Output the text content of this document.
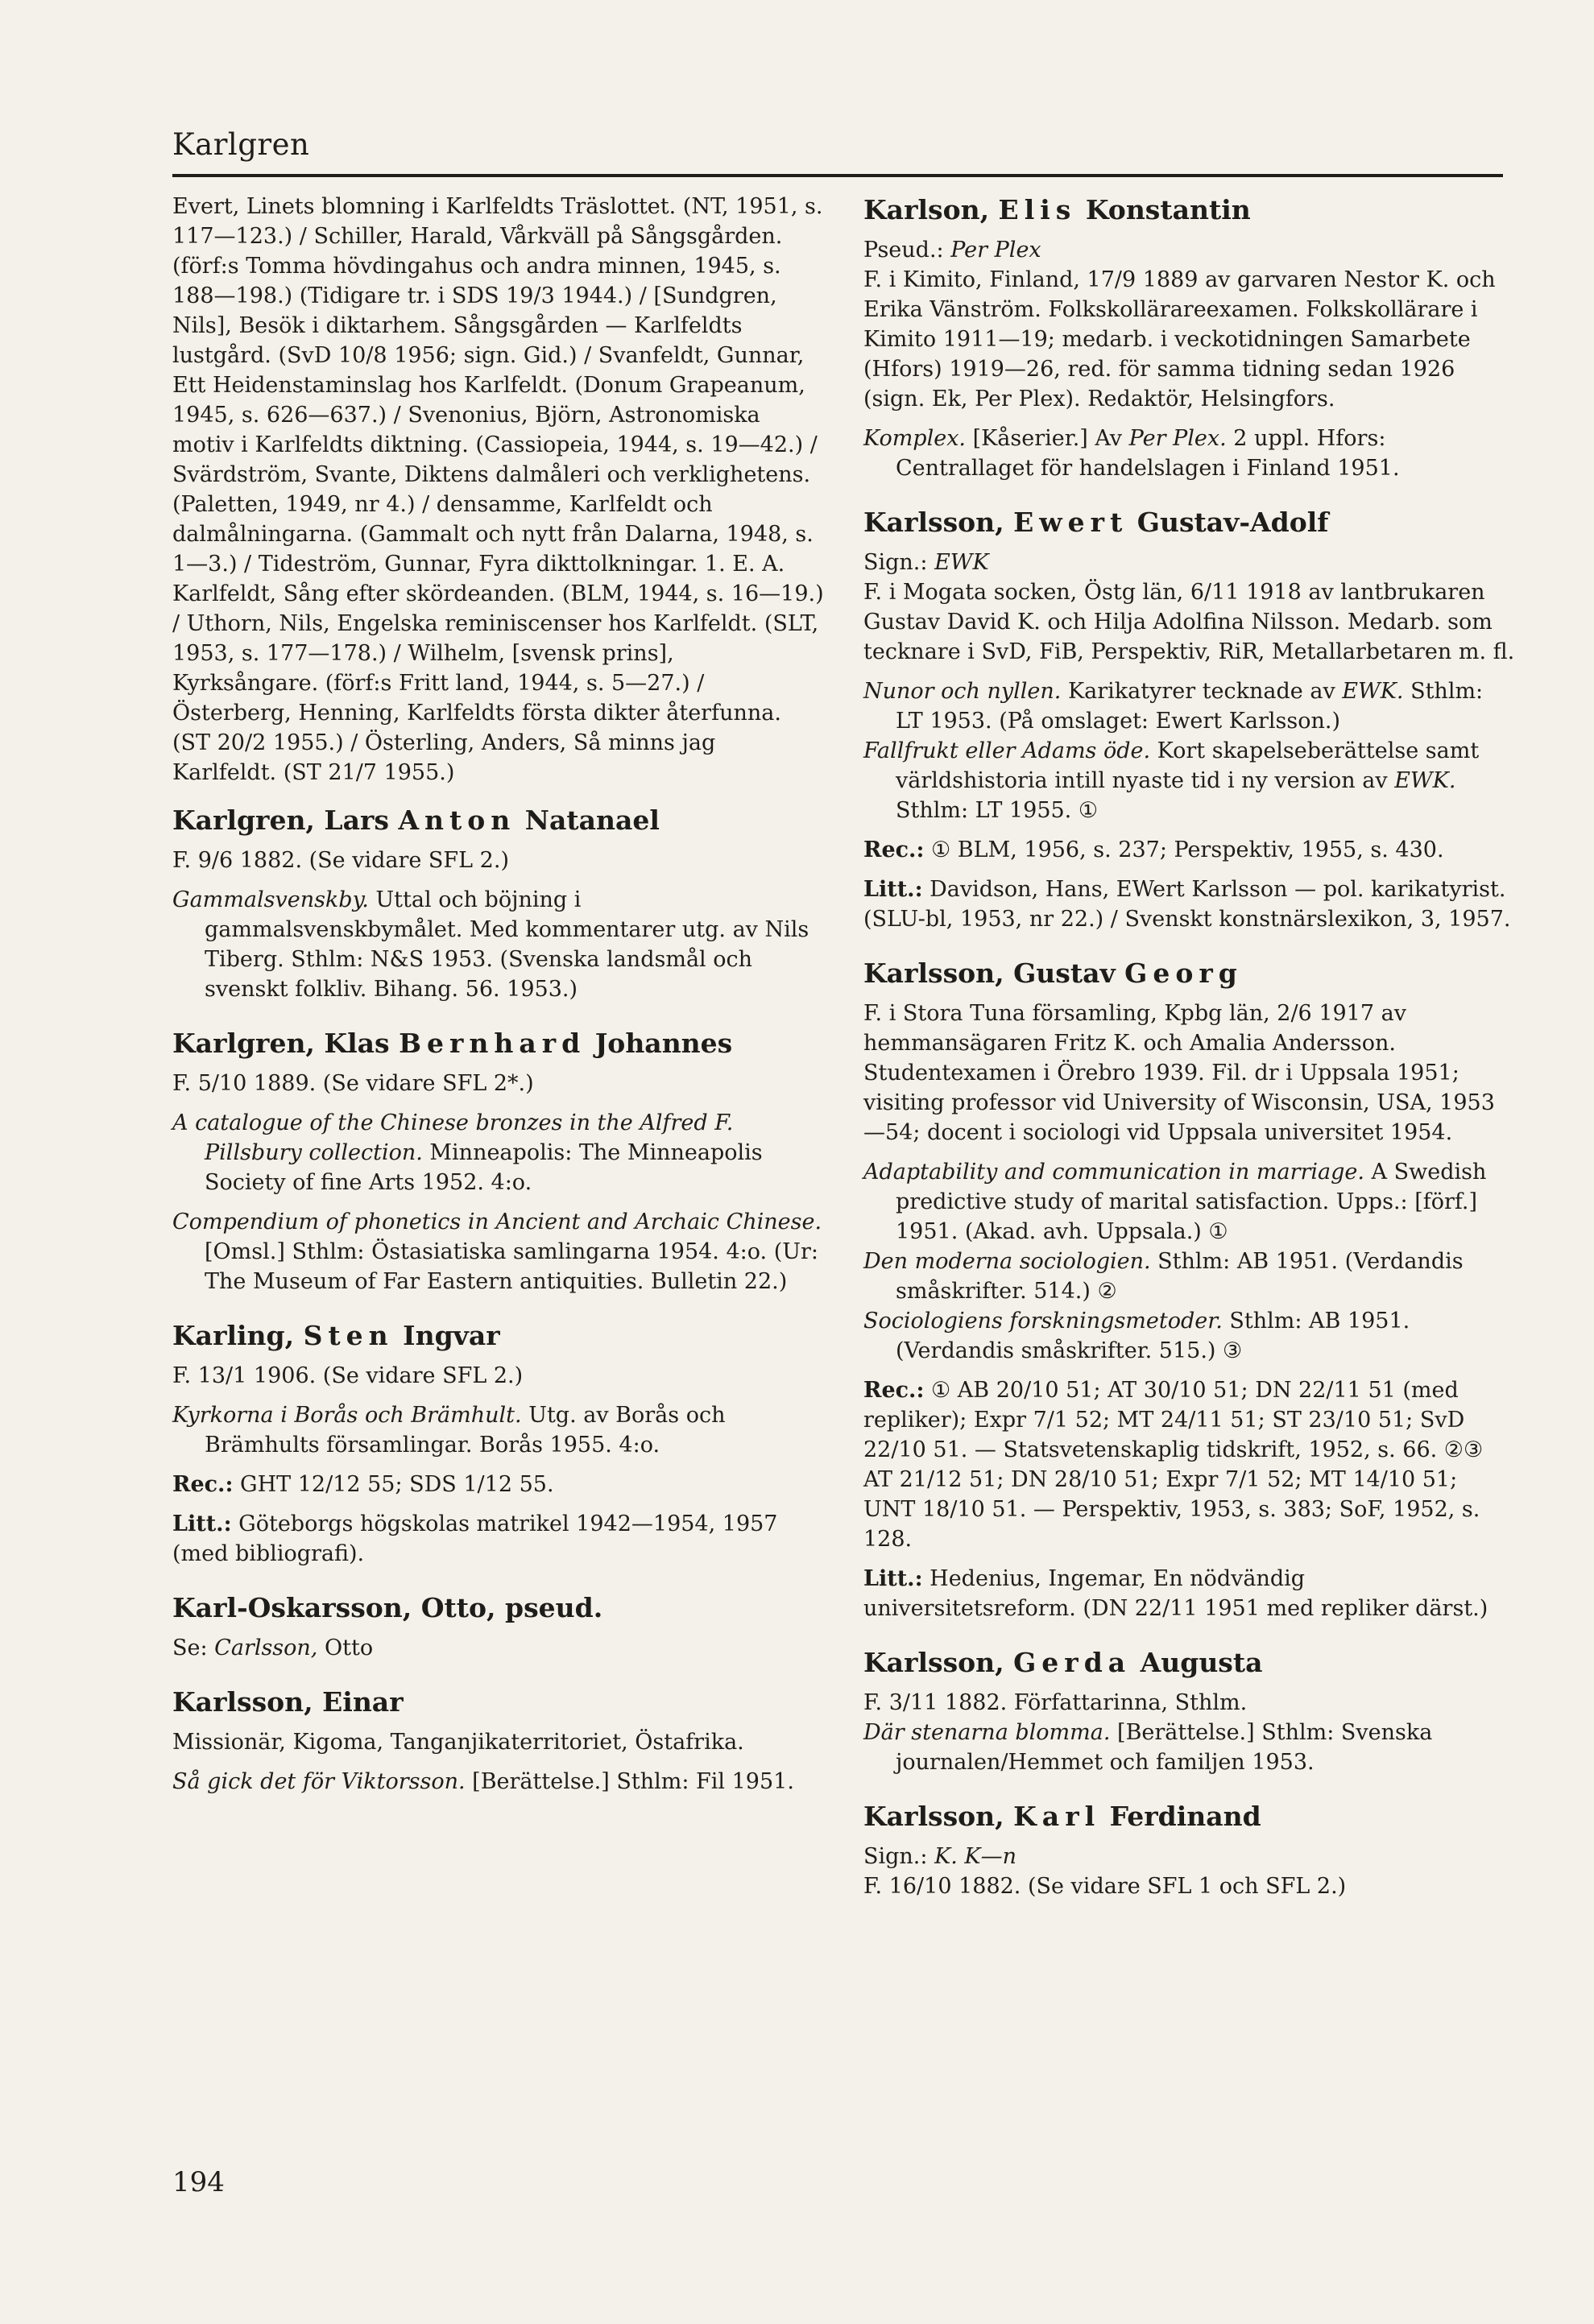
Karlgren

Evert, Linets blomning i Karlfeldts Träslottet. (NT, 1951, s. 117—123.) / Schiller, Harald, Vårkväll på Sångsgården. (förf:s Tomma hövdingahus och andra minnen, 1945, s. 188—198.) (Tidigare tr. i SDS 19/3 1944.) / [Sundgren, Nils], Besök i diktarhem. Sångsgården — Karlfeldts lustgård. (SvD 10/8 1956; sign. Gid.) / Svanfeldt, Gunnar, Ett Heidenstaminslag hos Karlfeldt. (Donum Grapeanum, 1945, s. 626—637.) / Svenonius, Björn, Astronomiska motiv i Karlfeldts diktning. (Cassiopeia, 1944, s. 19—42.) / Svärdström, Svante, Diktens dalmåleri och verklighetens. (Paletten, 1949, nr 4.) / densamme, Karlfeldt och dalmålningarna. (Gammalt och nytt från Dalarna, 1948, s. 1—3.) / Tideström, Gunnar, Fyra dikttolkningar. 1. E. A. Karlfeldt, Sång efter skördeanden. (BLM, 1944, s. 16—19.) / Uthorn, Nils, Engelska reminiscenser hos Karlfeldt. (SLT, 1953, s. 177—178.) / Wilhelm, [svensk prins], Kyrksångare. (förf:s Fritt land, 1944, s. 5—27.) / Österberg, Henning, Karlfeldts första dikter återfunna. (ST 20/2 1955.) / Österling, Anders, Så minns jag Karlfeldt. (ST 21/7 1955.)

Karlgren, Lars Anton Natanael

F. 9/6 1882. (Se vidare SFL 2.)

Gammalsvenskby. Uttal och böjning i gammalsvenskbymålet. Med kommentarer utg. av Nils Tiberg. Sthlm: N&S 1953. (Svenska landsmål och svenskt folkliv. Bihang. 56. 1953.)

Karlgren, Klas Bernhard Johannes

F. 5/10 1889. (Se vidare SFL 2*.)

A catalogue of the Chinese bronzes in the Alfred F. Pillsbury collection. Minneapolis: The Minneapolis Society of fine Arts 1952. 4:o.

Compendium of phonetics in Ancient and Archaic Chinese. [Omsl.] Sthlm: Östasiatiska samlingarna 1954. 4:o. (Ur: The Museum of Far Eastern antiquities. Bulletin 22.)

Karling, Sten Ingvar

F. 13/1 1906. (Se vidare SFL 2.)

Kyrkorna i Borås och Brämhult. Utg. av Borås och Brämhults församlingar. Borås 1955. 4:o.

Rec.: GHT 12/12 55; SDS 1/12 55.

Litt.: Göteborgs högskolas matrikel 1942—1954, 1957 (med bibliografi).

Karl-Oskarsson, Otto, pseud.

Se: Carlsson, Otto

Karlsson, Einar

Missionär, Kigoma, Tanganjikaterritoriet, Östafrika.

Så gick det för Viktorsson. [Berättelse.] Sthlm: Fil 1951.

Karlson, Elis Konstantin

Pseud.: Per Plex

F. i Kimito, Finland, 17/9 1889 av garvaren Nestor K. och Erika Vänström. Folkskollärareexamen. Folkskollärare i Kimito 1911—19; medarb. i veckotidningen Samarbete (Hfors) 1919—26, red. för samma tidning sedan 1926 (sign. Ek, Per Plex). Redaktör, Helsingfors.

Komplex. [Kåserier.] Av Per Plex. 2 uppl. Hfors: Centrallaget för handelslagen i Finland 1951.

Karlsson, Ewert Gustav-Adolf

Sign.: EWK

F. i Mogata socken, Östg län, 6/11 1918 av lantbrukaren Gustav David K. och Hilja Adolfina Nilsson. Medarb. som tecknare i SvD, FiB, Perspektiv, RiR, Metallarbetaren m. fl.

Nunor och nyllen. Karikatyrer tecknade av EWK. Sthlm: LT 1953. (På omslaget: Ewert Karlsson.)

Fallfrukt eller Adams öde. Kort skapelseberättelse samt världshistoria intill nyaste tid i ny version av EWK. Sthlm: LT 1955. ①

Rec.: ① BLM, 1956, s. 237; Perspektiv, 1955, s. 430.

Litt.: Davidson, Hans, EWert Karlsson — pol. karikatyrist. (SLU-bl, 1953, nr 22.) / Svenskt konstnärslexikon, 3, 1957.

Karlsson, Gustav Georg

F. i Stora Tuna församling, Kpbg län, 2/6 1917 av hemmansägaren Fritz K. och Amalia Andersson. Studentexamen i Örebro 1939. Fil. dr i Uppsala 1951; visiting professor vid University of Wisconsin, USA, 1953—54; docent i sociologi vid Uppsala universitet 1954.

Adaptability and communication in marriage. A Swedish predictive study of marital satisfaction. Upps.: [förf.] 1951. (Akad. avh. Uppsala.) ①

Den moderna sociologien. Sthlm: AB 1951. (Verdandis småskrifter. 514.) ②

Sociologiens forskningsmetoder. Sthlm: AB 1951. (Verdandis småskrifter. 515.) ③

Rec.: ① AB 20/10 51; AT 30/10 51; DN 22/11 51 (med repliker); Expr 7/1 52; MT 24/11 51; ST 23/10 51; SvD 22/10 51. — Statsvetenskaplig tidskrift, 1952, s. 66. ②③ AT 21/12 51; DN 28/10 51; Expr 7/1 52; MT 14/10 51; UNT 18/10 51. — Perspektiv, 1953, s. 383; SoF, 1952, s. 128.

Litt.: Hedenius, Ingemar, En nödvändig universitetsreform. (DN 22/11 1951 med repliker därst.)

Karlsson, Gerda Augusta

F. 3/11 1882. Författarinna, Sthlm.

Där stenarna blomma. [Berättelse.] Sthlm: Svenska journalen/Hemmet och familjen 1953.

Karlsson, Karl Ferdinand

Sign.: K. K—n

F. 16/10 1882. (Se vidare SFL 1 och SFL 2.)

194
